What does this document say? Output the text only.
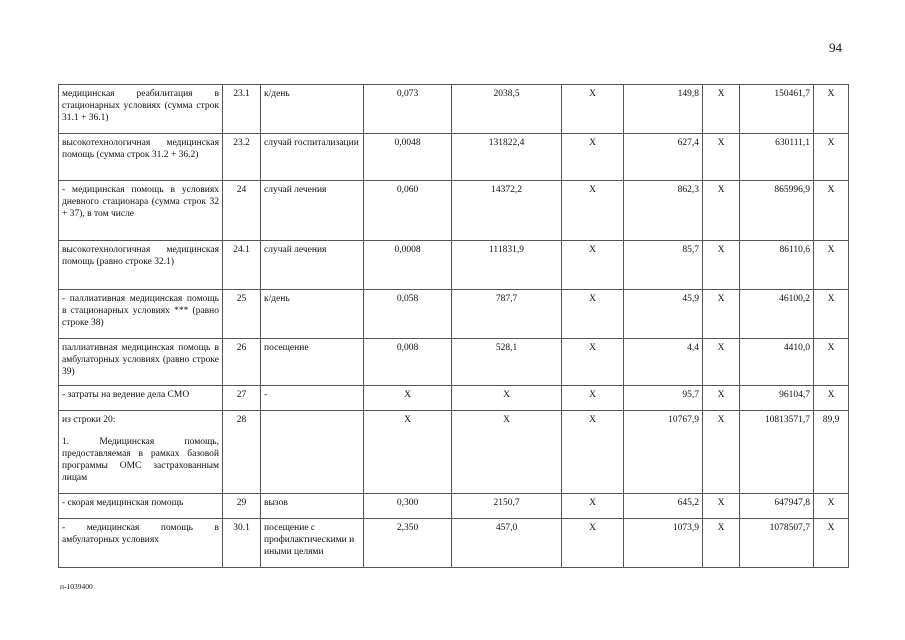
94
медицинская реабилитация в стационарных условиях (сумма строк 31.1 + 36.1)	23.1	к/день	0,073	2038,5	X	149,8	X	150461,7	X

высокотехнологичная медицинская помощь (сумма строк 31.2 + 36.2)	23.2	случай госпитализации	0,0048	131822,4	X	627,4	X	630111,1	X

- медицинская помощь в условиях дневного стационара (сумма строк 32 + 37), в том числе	24	случай лечения	0,060	14372,2	X	862,3	X	865996,9	X

высокотехнологичная медицинская помощь (равно строке 32.1)	24.1	случай лечения	0,0008	111831,9	X	85,7	X	86110,6	X

- паллиативная медицинская помощь в стационарных условиях *** (равно строке 38)	25	к/день	0,058	787,7	X	45,9	X	46100,2	X

паллиативная медицинская помощь в амбулаторных условиях (равно строке 39)	26	посещение	0,008	528,1	X	4,4	X	4410,0	X

- затраты на ведение дела СМО	27	-	X	X	X	95,7	X	96104,7	X

из строки 20:
1. Медицинская помощь, предоставляемая в рамках базовой программы ОМС застрахованным лицам	28		X	X	X	10767,9	X	10813571,7	89,9

- скорая медицинская помощь	29	вызов	0,300	2150,7	X	645,2	X	647947,8	X

- медицинская помощь в амбулаторных условиях	30.1	посещение с профилактическими и иными целями	2,350	457,0	X	1073,9	X	1078507,7	X
п-1039400
